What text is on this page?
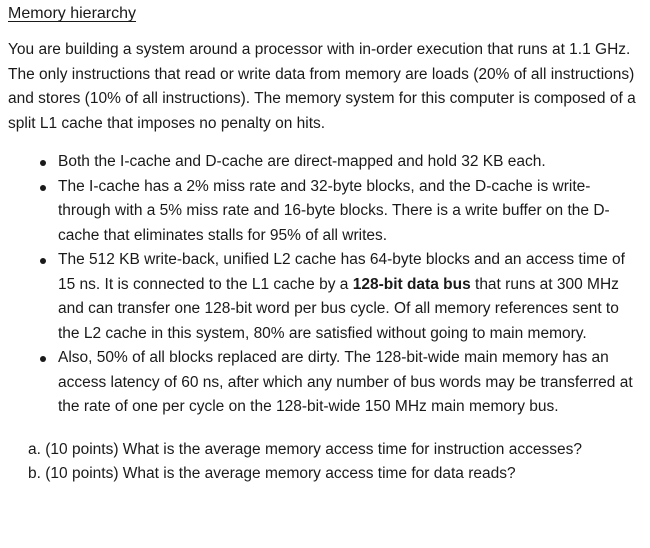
Memory hierarchy

You are building a system around a processor with in-order execution that runs at 1.1 GHz. The only instructions that read or write data from memory are loads (20% of all instructions) and stores (10% of all instructions). The memory system for this computer is composed of a split L1 cache that imposes no penalty on hits.

Both the I-cache and D-cache are direct-mapped and hold 32 KB each.
The I-cache has a 2% miss rate and 32-byte blocks, and the D-cache is write-through with a 5% miss rate and 16-byte blocks. There is a write buffer on the D-cache that eliminates stalls for 95% of all writes.
The 512 KB write-back, unified L2 cache has 64-byte blocks and an access time of 15 ns. It is connected to the L1 cache by a 128-bit data bus that runs at 300 MHz and can transfer one 128-bit word per bus cycle. Of all memory references sent to the L2 cache in this system, 80% are satisfied without going to main memory.
Also, 50% of all blocks replaced are dirty. The 128-bit-wide main memory has an access latency of 60 ns, after which any number of bus words may be transferred at the rate of one per cycle on the 128-bit-wide 150 MHz main memory bus.
a. (10 points) What is the average memory access time for instruction accesses?
b. (10 points) What is the average memory access time for data reads?
